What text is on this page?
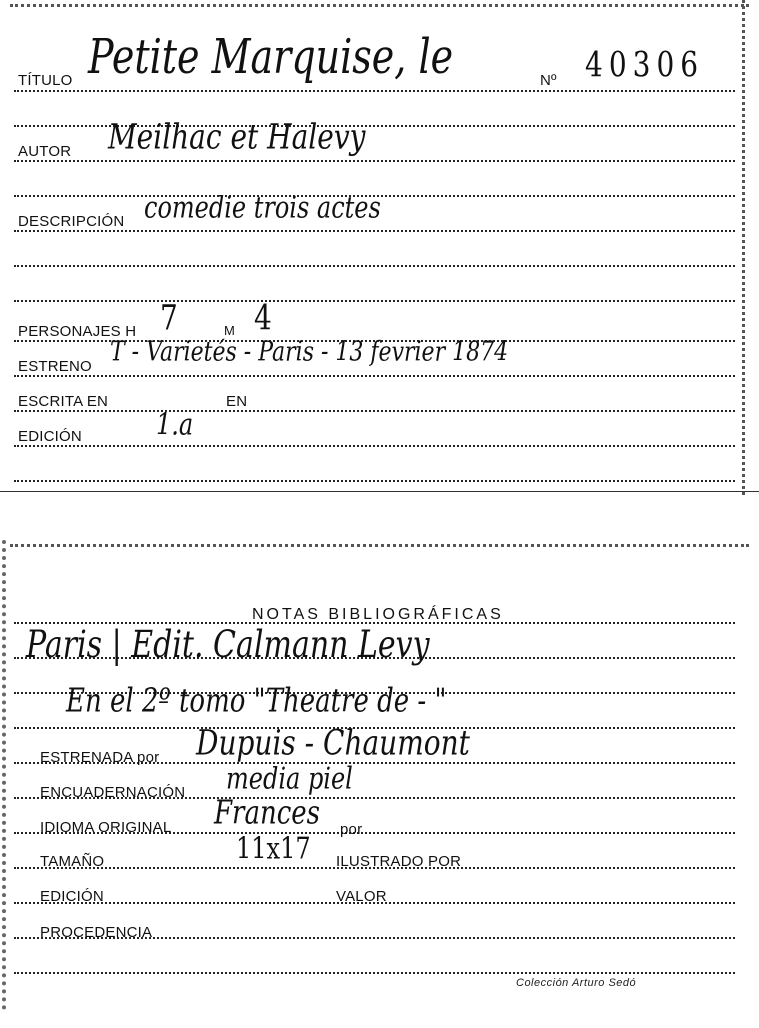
TÍTULO Petite Marquise, le	Nº 40306
AUTOR Meilhac et Halevy
DESCRIPCIÓN comedie trois actes
PERSONAJES H 7	M 4
ESTRENO T - Varietés - Paris - 13 fevrier 1874
ESCRITA EN	EN
EDICIÓN	1.a
NOTAS BIBLIOGRÁFICAS
Paris | Edit. Calmann Levy
En el 2º tomo "Theatre de - "
ESTRENADA por Dupuis - Chaumont
ENCUADERNACIÓN media piel
IDIOMA ORIGINAL Frances por
TAMAÑO	11x17 ILUSTRADO POR
EDICIÓN	VALOR
PROCEDENCIA
Colección Arturo Sedó
